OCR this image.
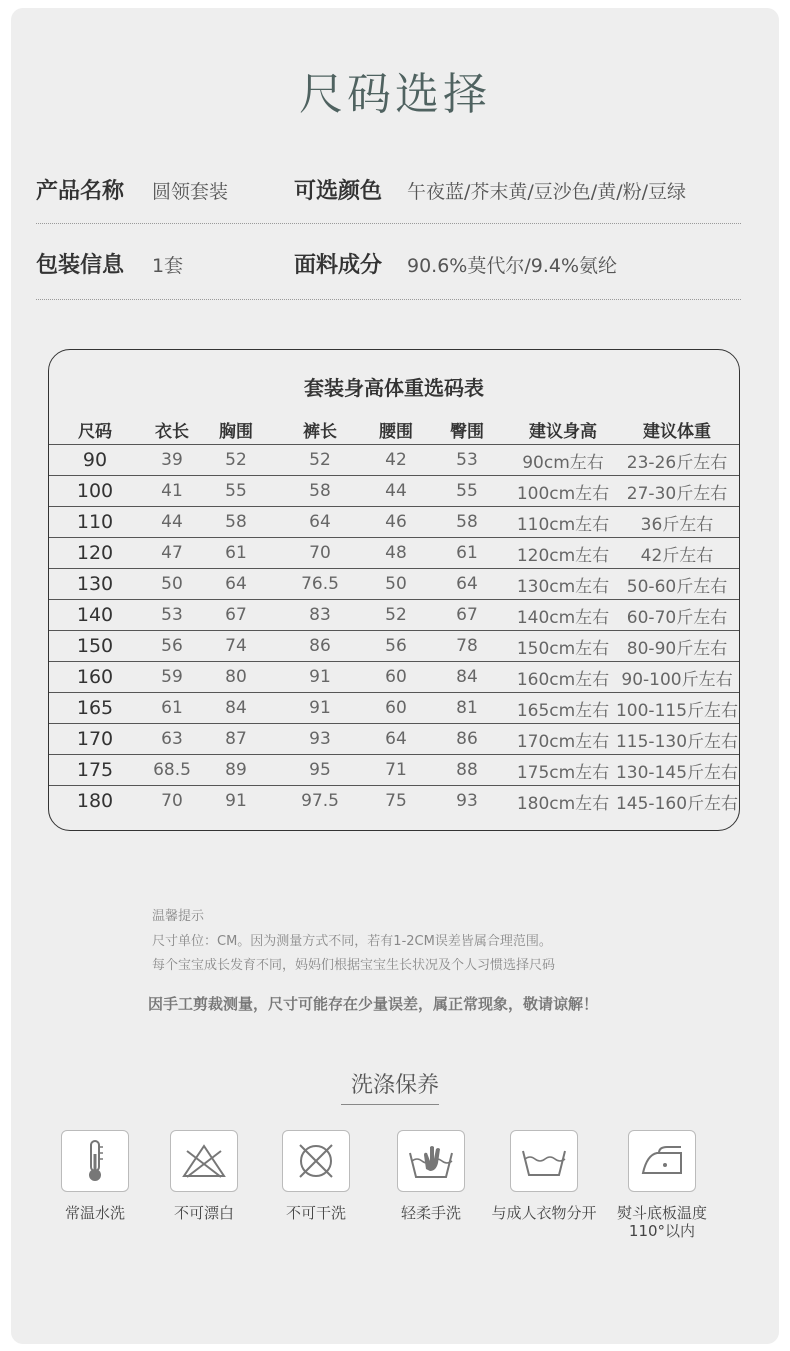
尺码选择
产品名称 圆领套装	可选颜色 午夜蓝/芥末黄/豆沙色/黄/粉/豆绿
包装信息 1套	面料成分 90.6%莫代尔/9.4%氨纶
套装身高体重选码表
尺码	衣长	胸围	裤长	腰围	臀围	建议身高	建议体重
90	39	52	52	42	53	90cm左右	23-26斤左右
100	41	55	58	44	55	100cm左右	27-30斤左右
110	44	58	64	46	58	110cm左右	36斤左右
120	47	61	70	48	61	120cm左右	42斤左右
130	50	64	76.5	50	64	130cm左右	50-60斤左右
140	53	67	83	52	67	140cm左右	60-70斤左右
150	56	74	86	56	78	150cm左右	80-90斤左右
160	59	80	91	60	84	160cm左右	90-100斤左右
165	61	84	91	60	81	165cm左右	100-115斤左右
170	63	87	93	64	86	170cm左右	115-130斤左右
175	68.5	89	95	71	88	175cm左右	130-145斤左右
180	70	91	97.5	75	93	180cm左右	145-160斤左右
温馨提示
尺寸单位：CM。因为测量方式不同，若有1-2CM误差皆属合理范围。
每个宝宝成长发育不同，妈妈们根据宝宝生长状况及个人习惯选择尺码
因手工剪裁测量，尺寸可能存在少量误差，属正常现象，敬请谅解！
洗涤保养
常温水洗	不可漂白	不可干洗	轻柔手洗	与成人衣物分开	熨斗底板温度
110°以内
